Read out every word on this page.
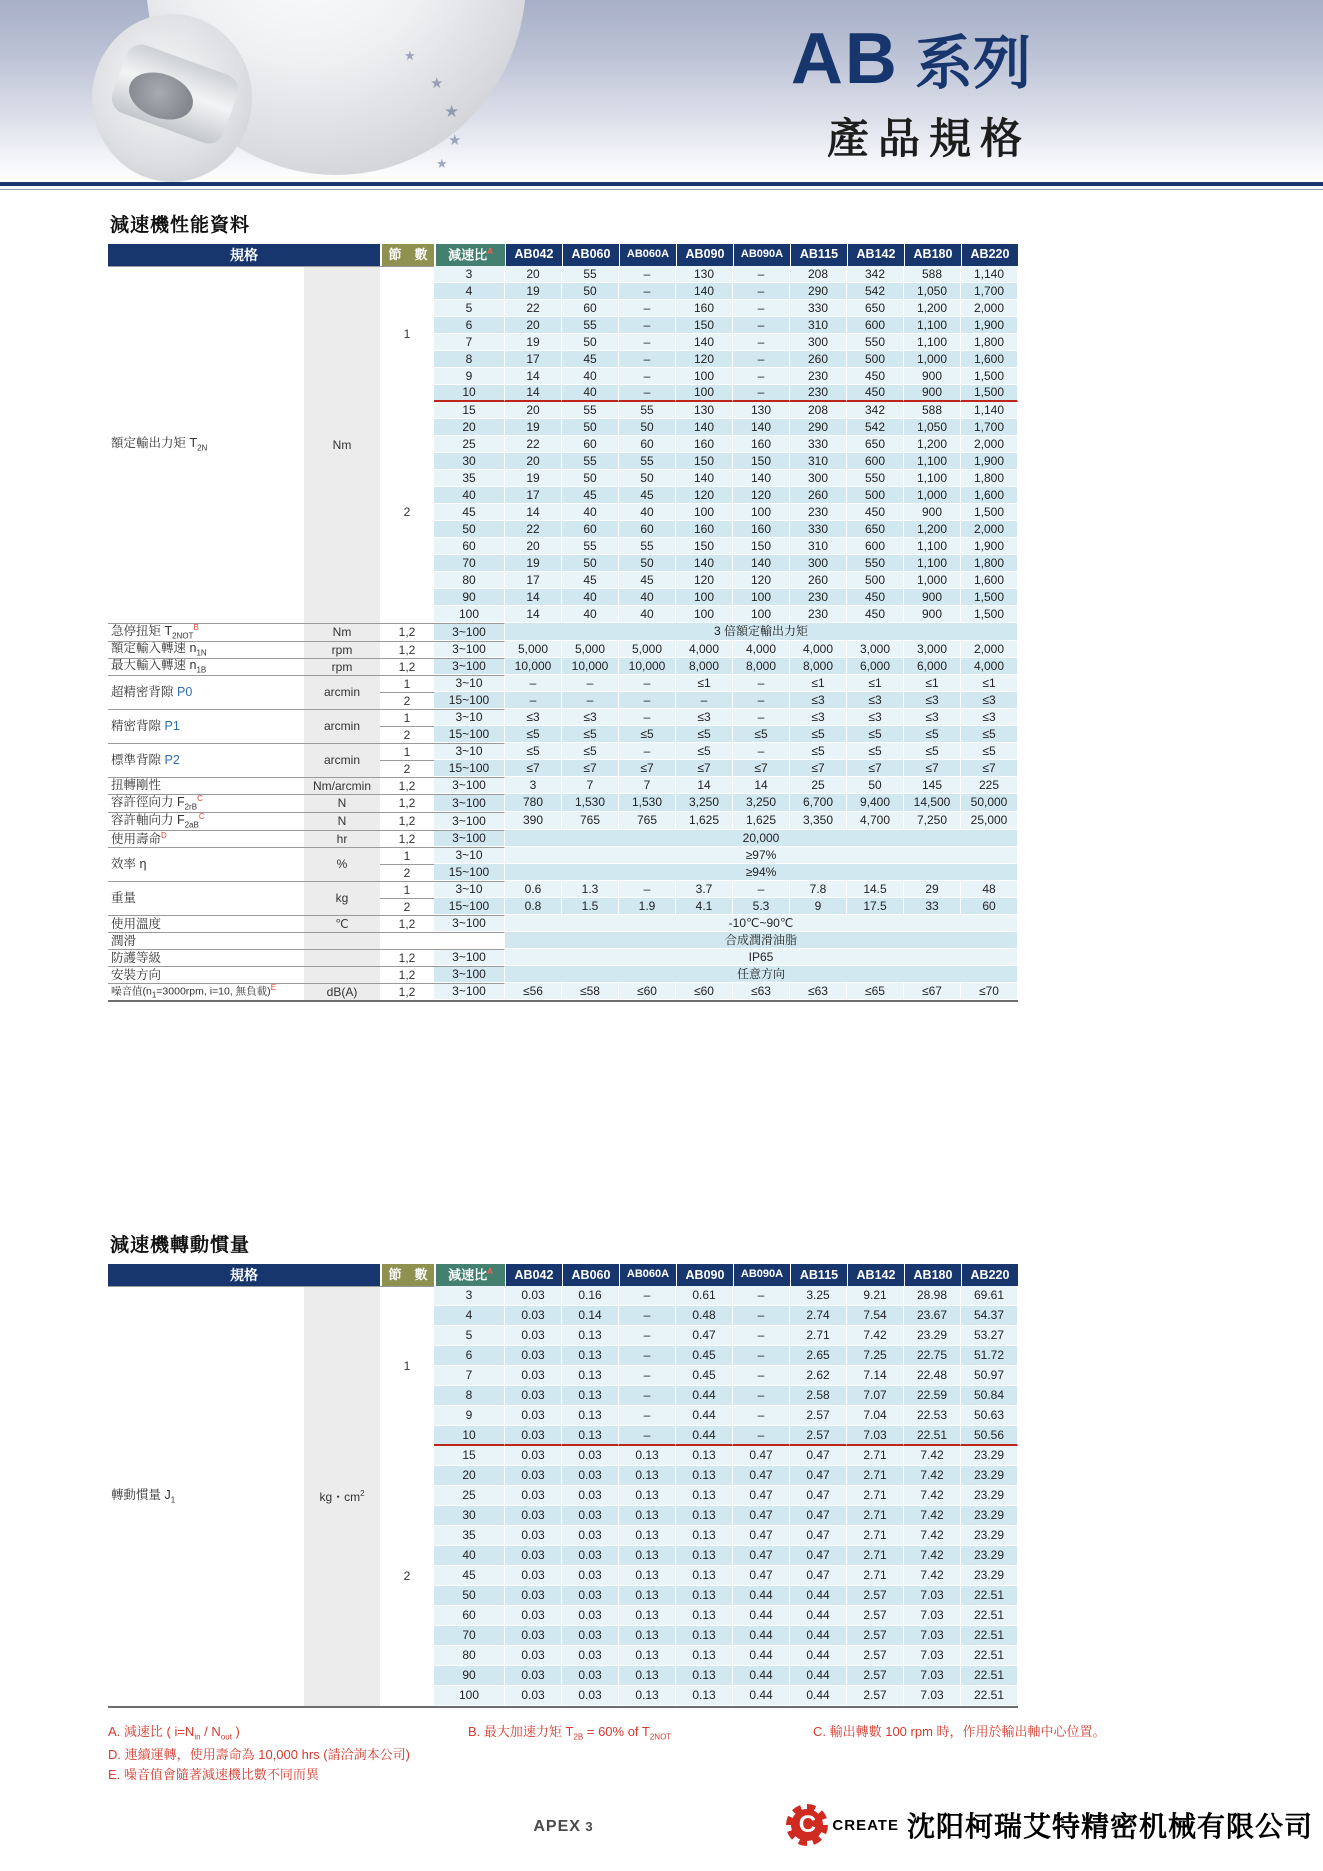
★
★
★
★
★
AB 系列
產品規格
減速機性能資料
規格		節　數	減速比$^A$	AB042	AB060	AB060A	AB090	AB090A	AB115	AB142	AB180	AB220
額定輸出力矩 $T_{2N}$	Nm	1	3	20	55	–	130	–	208	342	588	1,140
			4	19	50	–	140	–	290	542	1,050	1,700
			5	22	60	–	160	–	330	650	1,200	2,000
			6	20	55	–	150	–	310	600	1,100	1,900
			7	19	50	–	140	–	300	550	1,100	1,800
			8	17	45	–	120	–	260	500	1,000	1,600
			9	14	40	–	100	–	230	450	900	1,500
			10	14	40	–	100	–	230	450	900	1,500
		2	15	20	55	55	130	130	208	342	588	1,140
			20	19	50	50	140	140	290	542	1,050	1,700
			25	22	60	60	160	160	330	650	1,200	2,000
			30	20	55	55	150	150	310	600	1,100	1,900
			35	19	50	50	140	140	300	550	1,100	1,800
			40	17	45	45	120	120	260	500	1,000	1,600
			45	14	40	40	100	100	230	450	900	1,500
			50	22	60	60	160	160	330	650	1,200	2,000
			60	20	55	55	150	150	310	600	1,100	1,900
			70	19	50	50	140	140	300	550	1,100	1,800
			80	17	45	45	120	120	260	500	1,000	1,600
			90	14	40	40	100	100	230	450	900	1,500
			100	14	40	40	100	100	230	450	900	1,500
急停扭矩 $T_{2NOT}^B$	Nm	1,2	3~100	3 倍額定輸出力矩								
額定輸入轉速 $n_{1N}$	rpm	1,2	3~100	5,000	5,000	5,000	4,000	4,000	4,000	3,000	3,000	2,000
最大輸入轉速 $n_{1B}$	rpm	1,2	3~100	10,000	10,000	10,000	8,000	8,000	8,000	6,000	6,000	4,000
超精密背隙 P0	arcmin	1	3~10	–	–	–	≤1	–	≤1	≤1	≤1	≤1
		2	15~100	–	–	–	–	–	≤3	≤3	≤3	≤3
精密背隙 P1	arcmin	1	3~10	≤3	≤3	–	≤3	–	≤3	≤3	≤3	≤3
		2	15~100	≤5	≤5	≤5	≤5	≤5	≤5	≤5	≤5	≤5
標準背隙 P2	arcmin	1	3~10	≤5	≤5	–	≤5	–	≤5	≤5	≤5	≤5
		2	15~100	≤7	≤7	≤7	≤7	≤7	≤7	≤7	≤7	≤7
扭轉剛性	Nm/arcmin	1,2	3~100	3	7	7	14	14	25	50	145	225
容許徑向力 $F_{2rB}^C$	N	1,2	3~100	780	1,530	1,530	3,250	3,250	6,700	9,400	14,500	50,000
容許軸向力 $F_{2aB}^C$	N	1,2	3~100	390	765	765	1,625	1,625	3,350	4,700	7,250	25,000
使用壽命$^D$	hr	1,2	3~100	20,000								
效率 η	%	1	3~10	≥97%								
		2	15~100	≥94%								
重量	kg	1	3~10	0.6	1.3	–	3.7	–	7.8	14.5	29	48
		2	15~100	0.8	1.5	1.9	4.1	5.3	9	17.5	33	60
使用溫度	℃	1,2	3~100	-10℃~90℃								
潤滑				合成潤滑油脂								
防護等級		1,2	3~100	IP65								
安裝方向		1,2	3~100	任意方向								
噪音值($n_1=3000rpm$, i=10, 無負載)$^E$	dB(A)	1,2	3~100	≤56	≤58	≤60	≤60	≤63	≤63	≤65	≤67	≤70
減速機轉動慣量
規格		節　數	減速比$^A$	AB042	AB060	AB060A	AB090	AB090A	AB115	AB142	AB180	AB220
轉動慣量 $J_1$	kg・$cm^2$	1	3	0.03	0.16	–	0.61	–	3.25	9.21	28.98	69.61
			4	0.03	0.14	–	0.48	–	2.74	7.54	23.67	54.37
			5	0.03	0.13	–	0.47	–	2.71	7.42	23.29	53.27
			6	0.03	0.13	–	0.45	–	2.65	7.25	22.75	51.72
			7	0.03	0.13	–	0.45	–	2.62	7.14	22.48	50.97
			8	0.03	0.13	–	0.44	–	2.58	7.07	22.59	50.84
			9	0.03	0.13	–	0.44	–	2.57	7.04	22.53	50.63
			10	0.03	0.13	–	0.44	–	2.57	7.03	22.51	50.56
		2	15	0.03	0.03	0.13	0.13	0.47	0.47	2.71	7.42	23.29
			20	0.03	0.03	0.13	0.13	0.47	0.47	2.71	7.42	23.29
			25	0.03	0.03	0.13	0.13	0.47	0.47	2.71	7.42	23.29
			30	0.03	0.03	0.13	0.13	0.47	0.47	2.71	7.42	23.29
			35	0.03	0.03	0.13	0.13	0.47	0.47	2.71	7.42	23.29
			40	0.03	0.03	0.13	0.13	0.47	0.47	2.71	7.42	23.29
			45	0.03	0.03	0.13	0.13	0.47	0.47	2.71	7.42	23.29
			50	0.03	0.03	0.13	0.13	0.44	0.44	2.57	7.03	22.51
			60	0.03	0.03	0.13	0.13	0.44	0.44	2.57	7.03	22.51
			70	0.03	0.03	0.13	0.13	0.44	0.44	2.57	7.03	22.51
			80	0.03	0.03	0.13	0.13	0.44	0.44	2.57	7.03	22.51
			90	0.03	0.03	0.13	0.13	0.44	0.44	2.57	7.03	22.51
			100	0.03	0.03	0.13	0.13	0.44	0.44	2.57	7.03	22.51
A. 減速比 ( $i=N_{in} / N_{out}$ )	B. 最大加速力矩 $T_{2B} = 60\%$ of $T_{2NOT}$	C. 輸出轉數 100 rpm 時，作用於輸出軸中心位置。
D. 連續運轉，使用壽命為 10,000 hrs (請洽詢本公司)
E. 噪音值會隨著減速機比數不同而異
APEX 3	C	CREATE 沈阳柯瑞艾特精密机械有限公司
